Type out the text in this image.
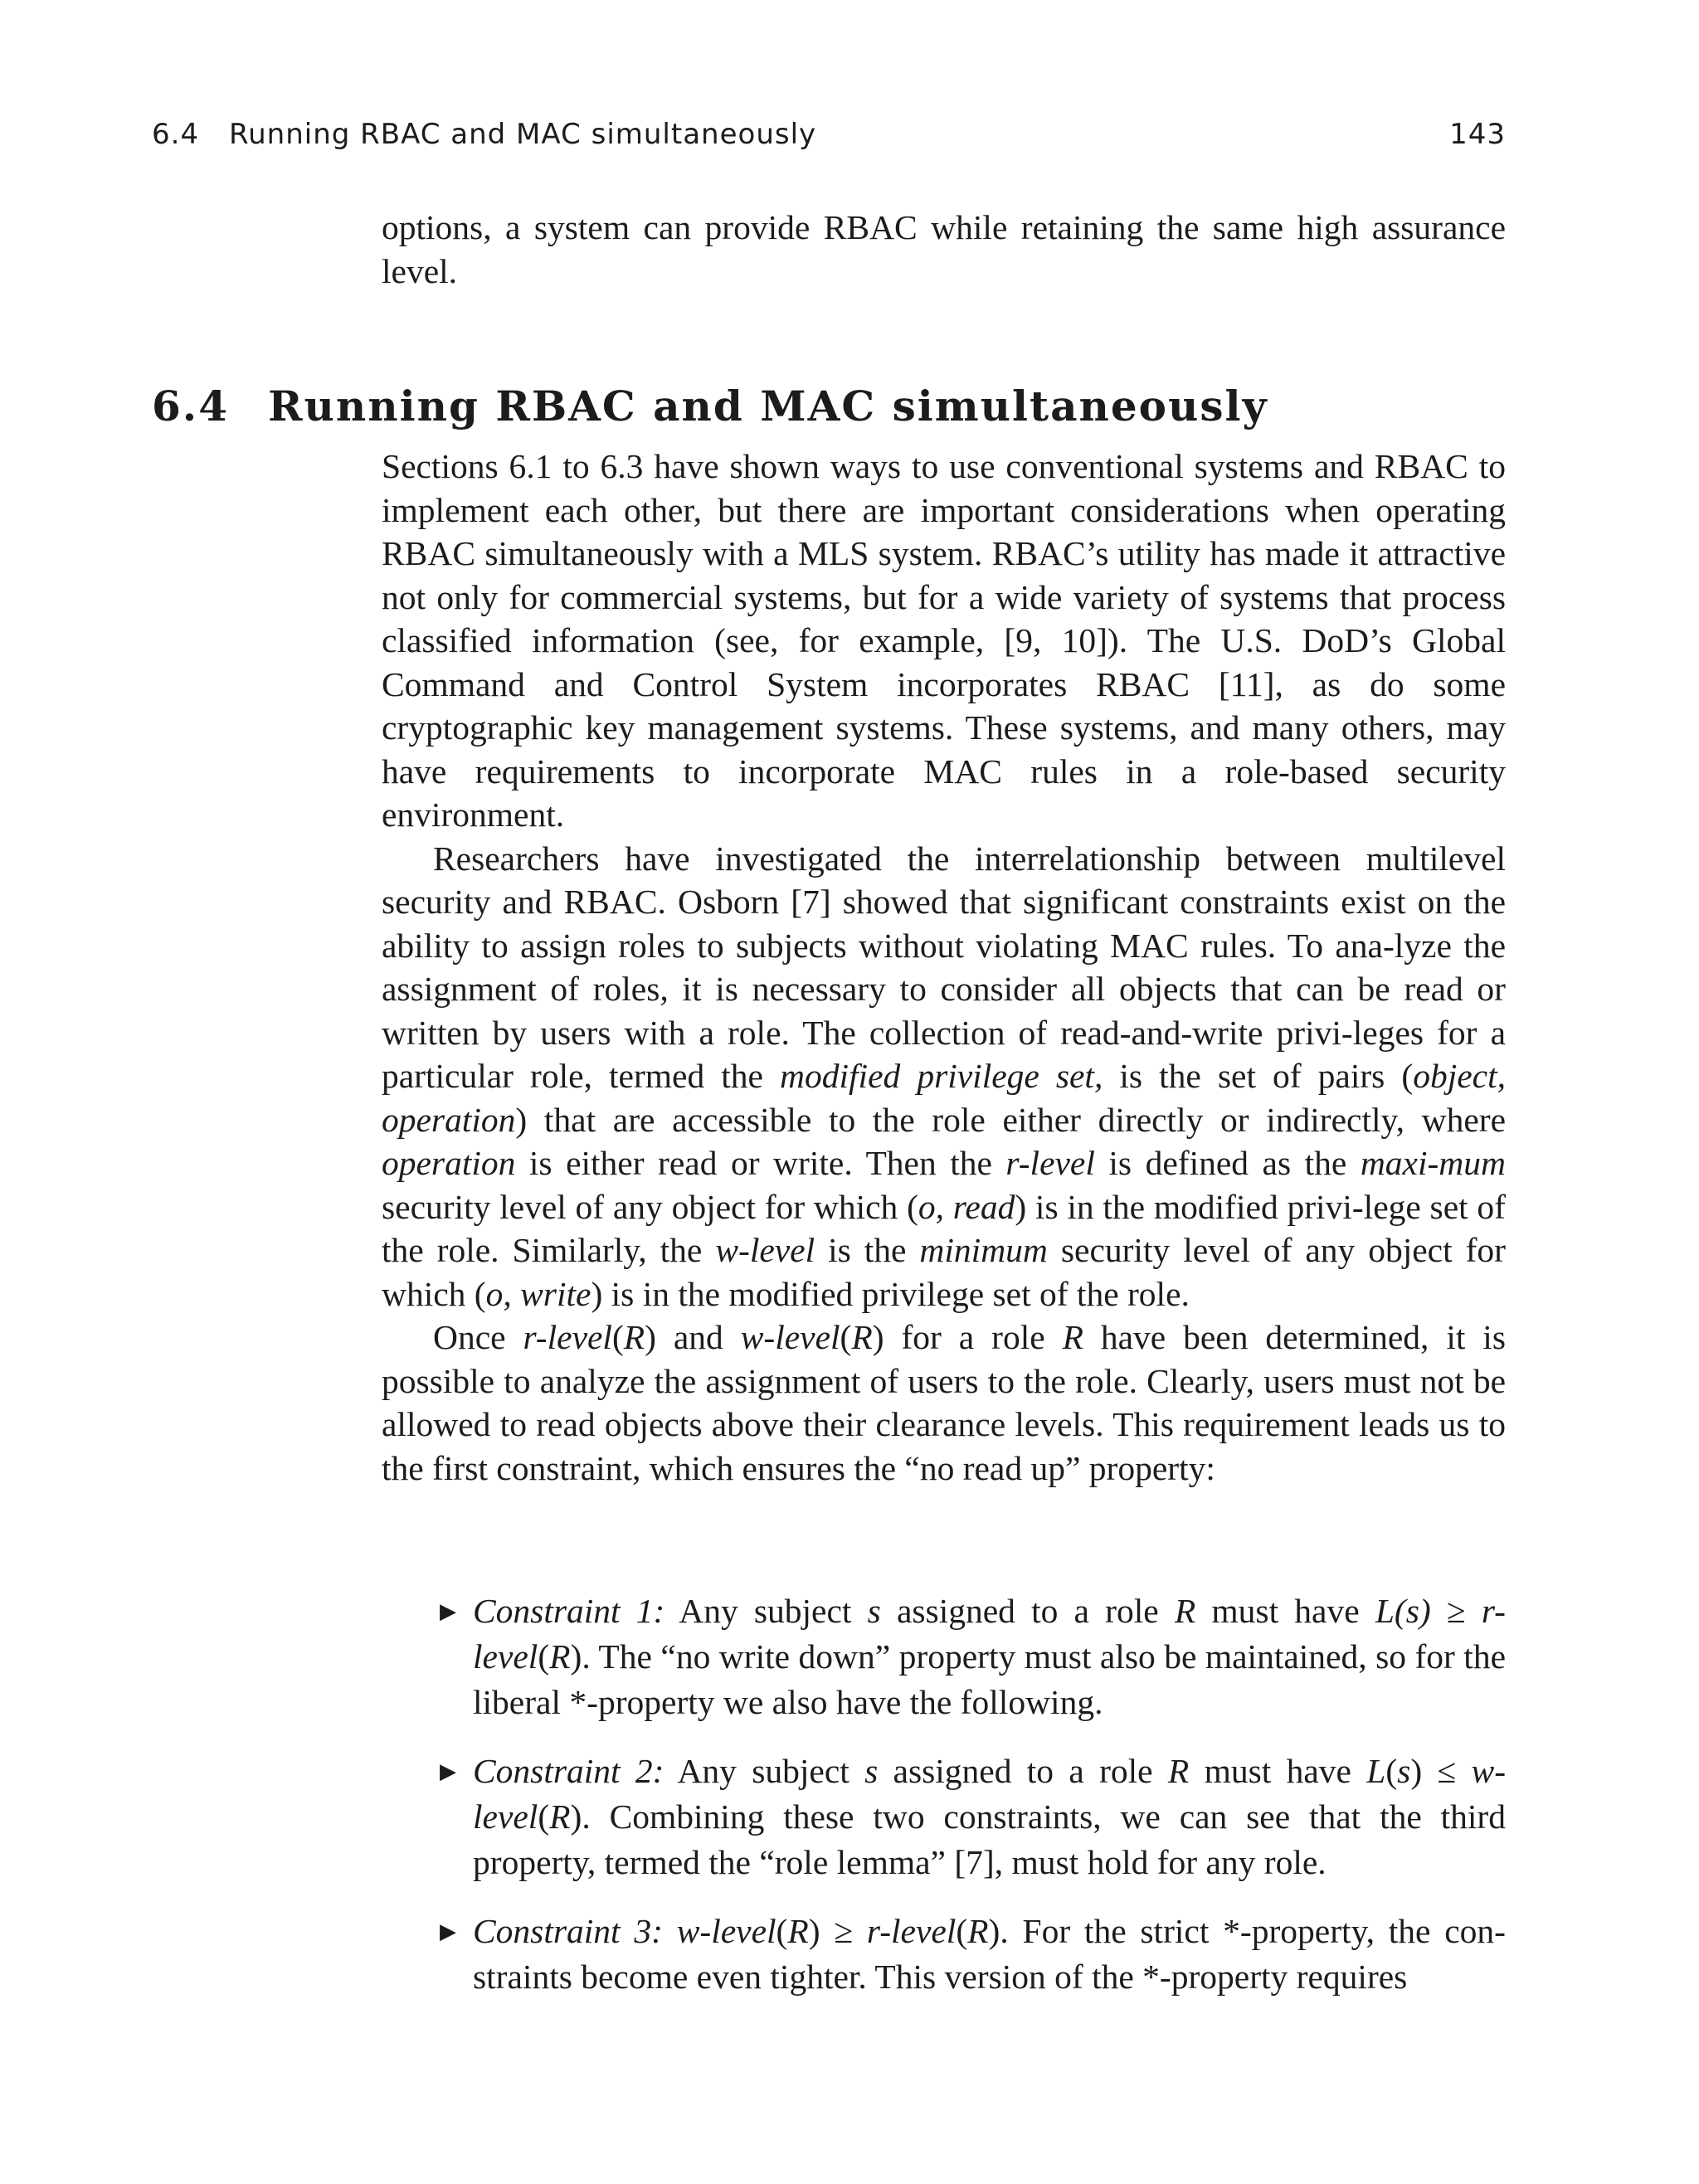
6.4 Running RBAC and MAC simultaneously	143

options, a system can provide RBAC while retaining the same high assurance level.

6.4 Running RBAC and MAC simultaneously

Sections 6.1 to 6.3 have shown ways to use conventional systems and RBAC to implement each other, but there are important considerations when operating RBAC simultaneously with a MLS system. RBAC’s utility has made it attractive not only for commercial systems, but for a wide variety of systems that process classified information (see, for example, [9, 10]). The U.S. DoD’s Global Command and Control System incorporates RBAC [11], as do some cryptographic key management systems. These systems, and many others, may have requirements to incorporate MAC rules in a role-based security environment.

Researchers have investigated the interrelationship between multilevel security and RBAC. Osborn [7] showed that significant constraints exist on the ability to assign roles to subjects without violating MAC rules. To ana-lyze the assignment of roles, it is necessary to consider all objects that can be read or written by users with a role. The collection of read-and-write privi-leges for a particular role, termed the modified privilege set, is the set of pairs (object, operation) that are accessible to the role either directly or indirectly, where operation is either read or write. Then the r-level is defined as the maxi-mum security level of any object for which (o, read) is in the modified privi-lege set of the role. Similarly, the w-level is the minimum security level of any object for which (o, write) is in the modified privilege set of the role.

Once r-level(R) and w-level(R) for a role R have been determined, it is possible to analyze the assignment of users to the role. Clearly, users must not be allowed to read objects above their clearance levels. This requirement leads us to the first constraint, which ensures the “no read up” property:

▶ Constraint 1: Any subject s assigned to a role R must have L(s) ≥ r-level(R). The “no write down” property must also be maintained, so for the liberal *-property we also have the following.
▶ Constraint 2: Any subject s assigned to a role R must have L(s) ≤ w-level(R). Combining these two constraints, we can see that the third property, termed the “role lemma” [7], must hold for any role.
▶ Constraint 3: w-level(R) ≥ r-level(R). For the strict *-property, the con-straints become even tighter. This version of the *-property requires
